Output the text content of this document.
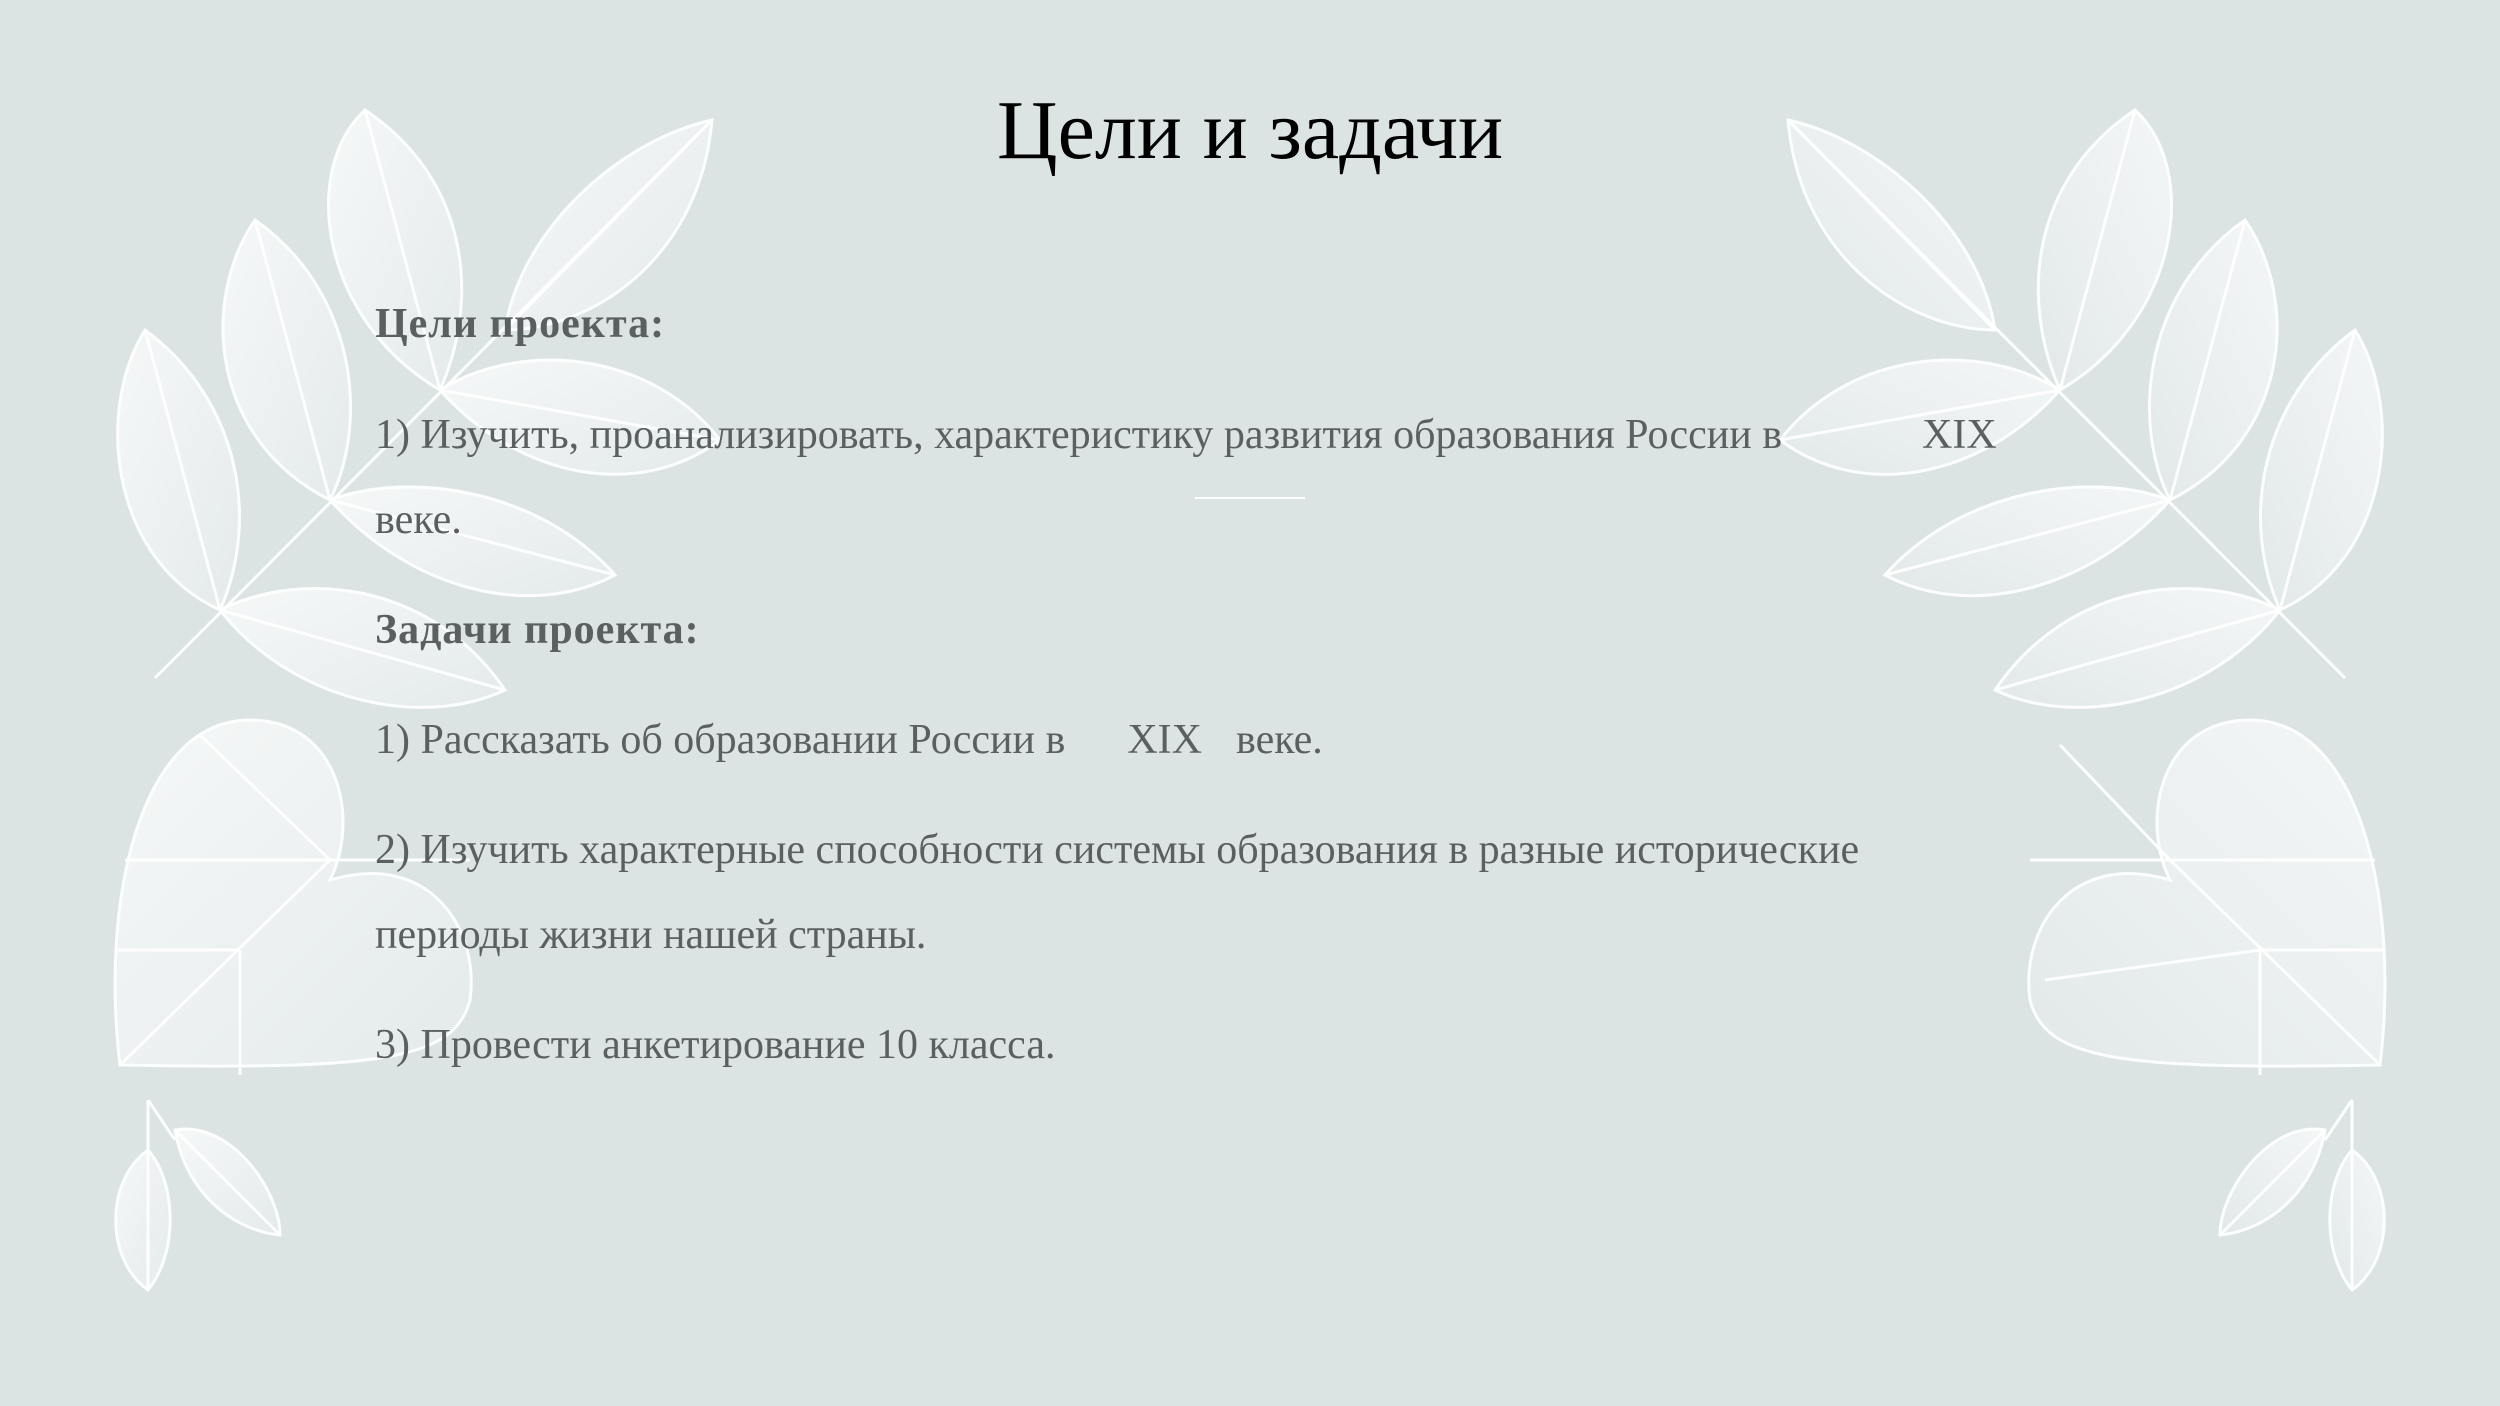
Цели и задачи
Цели проекта:
1) Изучить, проанализировать, характеристику развития образования России в	XIX
веке.
Задачи проекта:
1) Рассказать об образовании России в XIX веке.
2) Изучить характерные способности системы образования в разные исторические
периоды жизни нашей страны.
3) Провести анкетирование 10 класса.
